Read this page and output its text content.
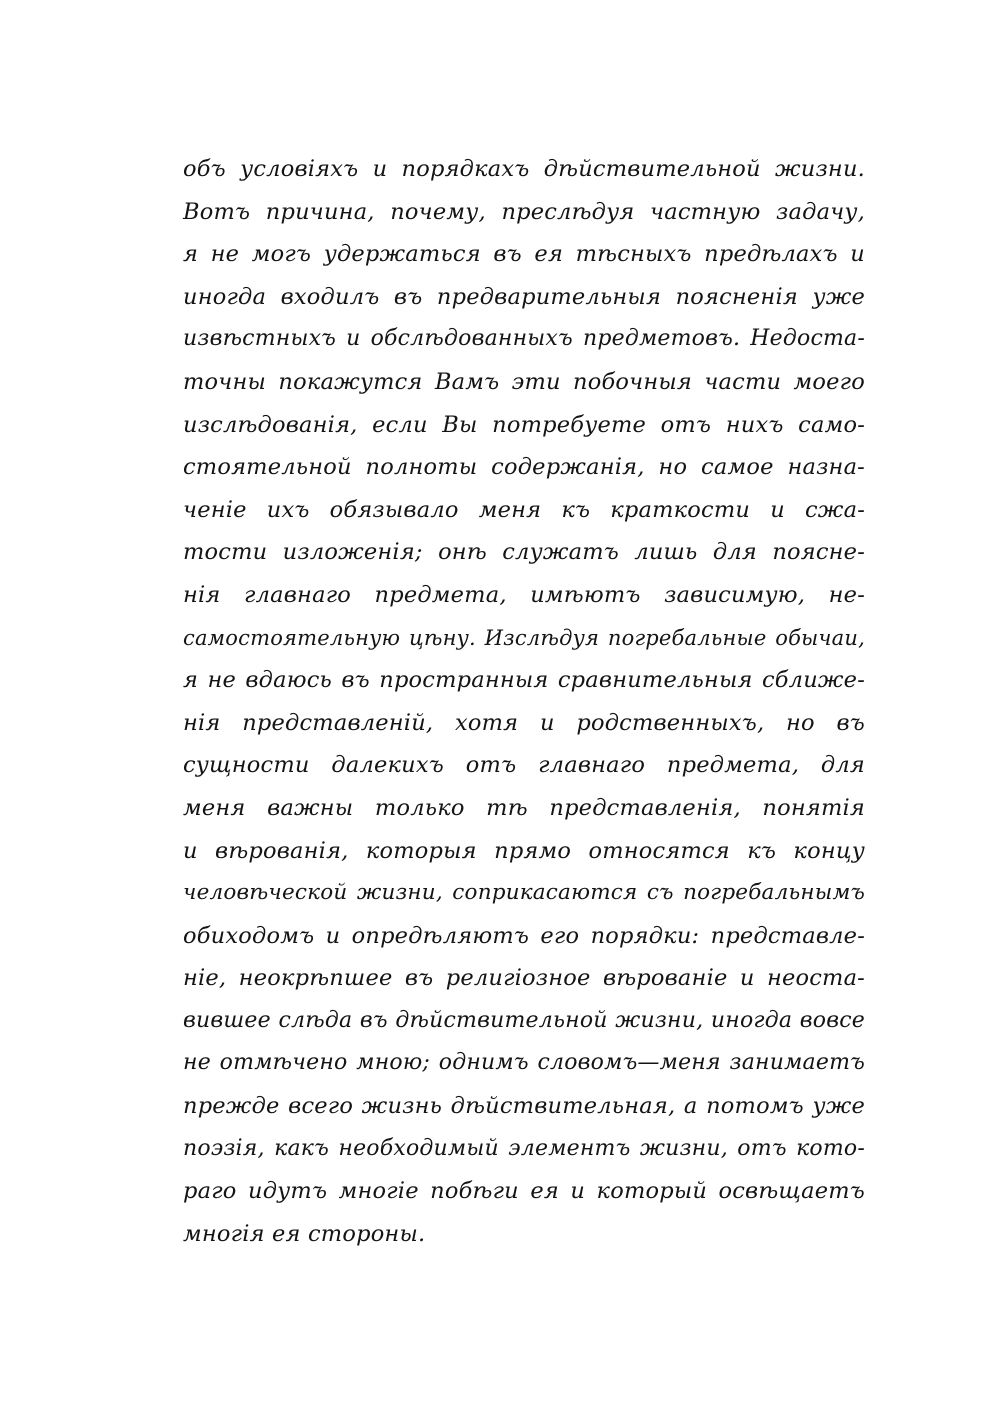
объ условіяхъ и порядкахъ дѣйствительной жизни.
Вотъ причина, почему, преслѣдуя частную задачу,
я не могъ удержаться въ ея тѣсныхъ предѣлахъ и
иногда входилъ въ предварительныя поясненія уже
извѣстныхъ и обслѣдованныхъ предметовъ. Недоста-
точны покажутся Вамъ эти побочныя части моего
изслѣдованія, если Вы потребуете отъ нихъ само-
стоятельной полноты содержанія, но самое назна-
ченіе ихъ обязывало меня къ краткости и сжа-
тости изложенія; онѣ служатъ лишь для поясне-
нія главнаго предмета, имѣютъ зависимую, не-
самостоятельную цѣну. Изслѣдуя погребальные обычаи,
я не вдаюсь въ пространныя сравнительныя сближе-
нія представленій, хотя и родственныхъ, но въ
сущности далекихъ отъ главнаго предмета, для
меня важны только тѣ представленія, понятія
и вѣрованія, которыя прямо относятся къ концу
человѣческой жизни, соприкасаются съ погребальнымъ
обиходомъ и опредѣляютъ его порядки: представле-
ніе, неокрѣпшее въ религіозное вѣрованіе и неоста-
вившее слѣда въ дѣйствительной жизни, иногда вовсе
не отмѣчено мною; однимъ словомъ—меня занимаетъ
прежде всего жизнь дѣйствительная, а потомъ уже
поэзія, какъ необходимый элементъ жизни, отъ кото-
раго идутъ многіе побѣги ея и который освѣщаетъ
многія ея стороны.
